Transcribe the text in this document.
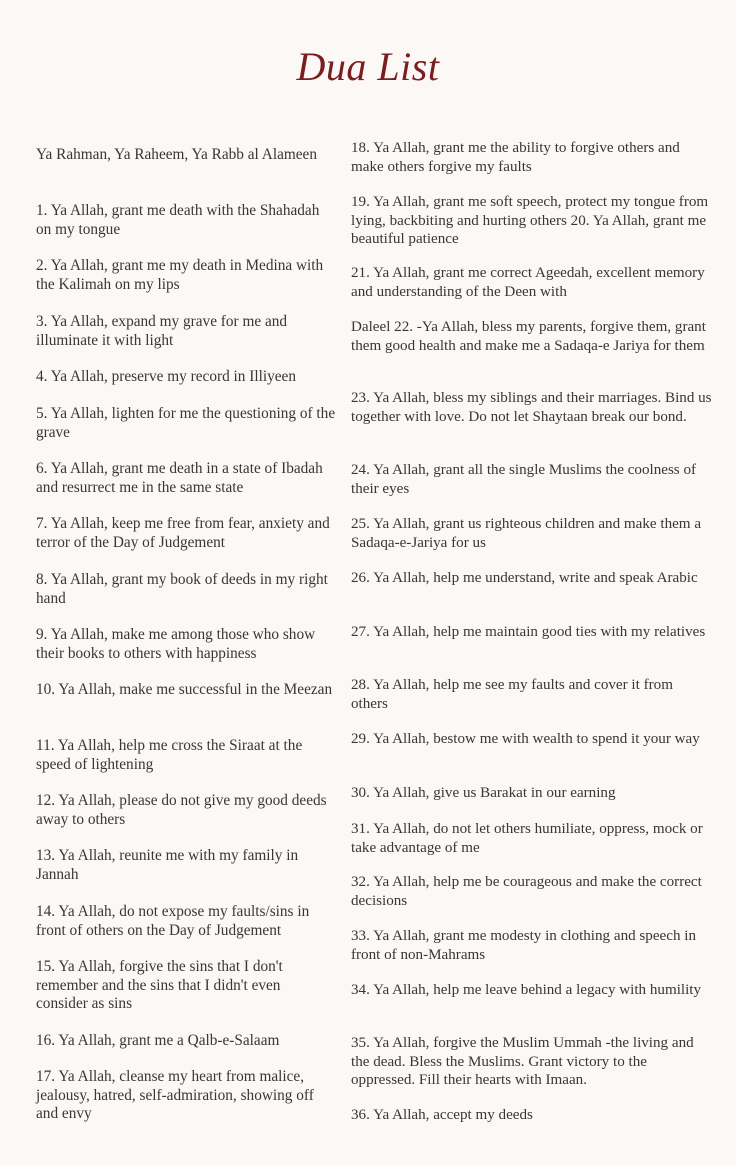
Dua List
Ya Rahman, Ya Raheem, Ya Rabb al Alameen
1. Ya Allah, grant me death with the Shahadah on my tongue
2. Ya Allah, grant me my death in Medina with the Kalimah on my lips
3. Ya Allah, expand my grave for me and illuminate it with light
4. Ya Allah, preserve my record in Illiyeen
5. Ya Allah, lighten for me the questioning of the grave
6. Ya Allah, grant me death in a state of Ibadah and resurrect me in the same state
7. Ya Allah, keep me free from fear, anxiety and terror of the Day of Judgement
8. Ya Allah, grant my book of deeds in my right hand
9. Ya Allah, make me among those who show their books to others with happiness
10. Ya Allah, make me successful in the Meezan
11. Ya Allah, help me cross the Siraat at the speed of lightening
12. Ya Allah, please do not give my good deeds away to others
13. Ya Allah, reunite me with my family in Jannah
14. Ya Allah, do not expose my faults/sins in front of others on the Day of Judgement
15. Ya Allah, forgive the sins that I don't remember and the sins that I didn't even consider as sins
16. Ya Allah, grant me a Qalb-e-Salaam
17. Ya Allah, cleanse my heart from malice, jealousy, hatred, self-admiration, showing off and envy
18. Ya Allah, grant me the ability to forgive others and make others forgive my faults
19. Ya Allah, grant me soft speech, protect my tongue from lying, backbiting and hurting others 20. Ya Allah, grant me beautiful patience
21. Ya Allah, grant me correct Ageedah, excellent memory and understanding of the Deen with
Daleel 22. -Ya Allah, bless my parents, forgive them, grant them good health and make me a Sadaqa-e Jariya for them
23. Ya Allah, bless my siblings and their marriages. Bind us together with love. Do not let Shaytaan break our bond.
24. Ya Allah, grant all the single Muslims the coolness of their eyes
25. Ya Allah, grant us righteous children and make them a Sadaqa-e-Jariya for us
26. Ya Allah, help me understand, write and speak Arabic
27. Ya Allah, help me maintain good ties with my relatives
28. Ya Allah, help me see my faults and cover it from others
29. Ya Allah, bestow me with wealth to spend it your way
30. Ya Allah, give us Barakat in our earning
31. Ya Allah, do not let others humiliate, oppress, mock or take advantage of me
32. Ya Allah, help me be courageous and make the correct decisions
33. Ya Allah, grant me modesty in clothing and speech in front of non-Mahrams
34. Ya Allah, help me leave behind a legacy with humility
35. Ya Allah, forgive the Muslim Ummah -the living and the dead. Bless the Muslims. Grant victory to the oppressed. Fill their hearts with Imaan.
36. Ya Allah, accept my deeds
